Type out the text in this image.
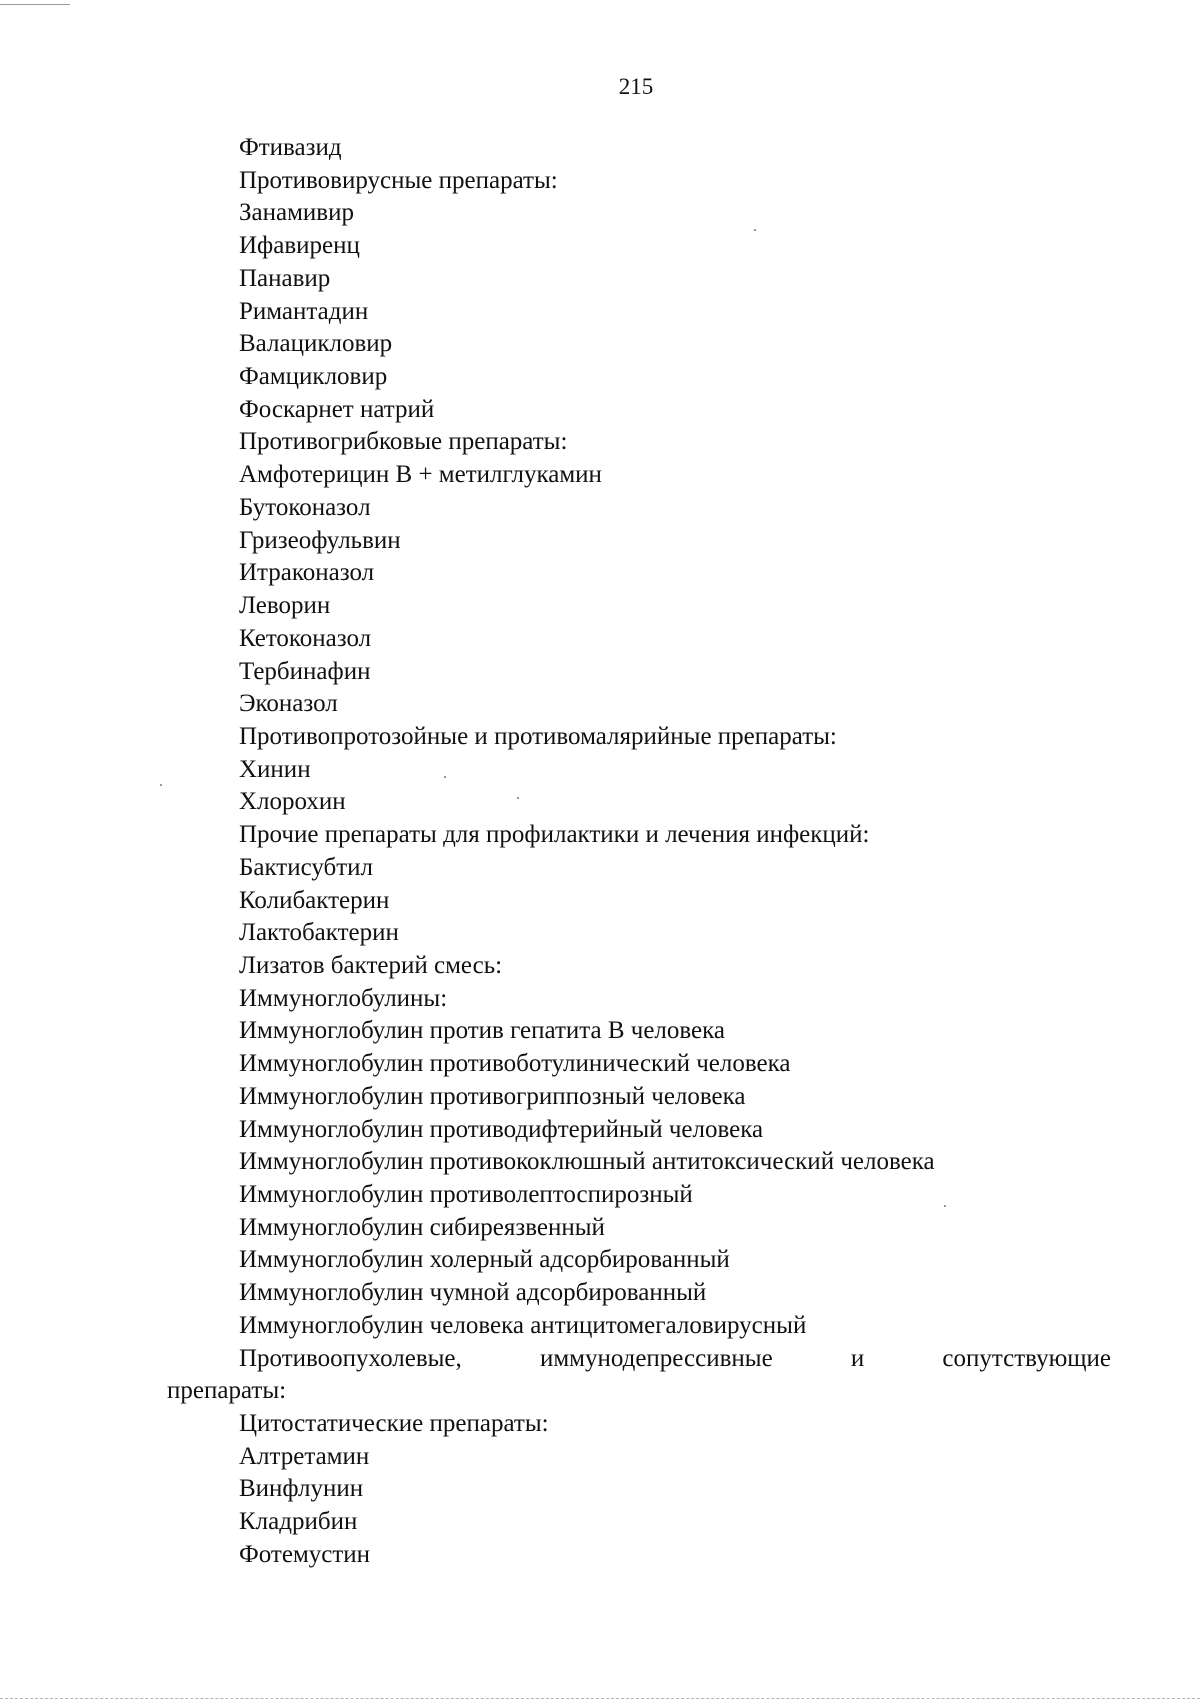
215
Фтивазид
Противовирусные препараты:
Занамивир
Ифавиренц
Панавир
Римантадин
Валацикловир
Фамцикловир
Фоскарнет натрий
Противогрибковые препараты:
Амфотерицин В + метилглукамин
Бутоконазол
Гризеофульвин
Итраконазол
Леворин
Кетоконазол
Тербинафин
Эконазол
Противопротозойные и противомалярийные препараты:
Хинин
Хлорохин
Прочие препараты для профилактики и лечения инфекций:
Бактисубтил
Колибактерин
Лактобактерин
Лизатов бактерий смесь:
Иммуноглобулины:
Иммуноглобулин против гепатита В человека
Иммуноглобулин противоботулинический человека
Иммуноглобулин противогриппозный человека
Иммуноглобулин противодифтерийный человека
Иммуноглобулин противококлюшный антитоксический человека
Иммуноглобулин противолептоспирозный
Иммуноглобулин сибиреязвенный
Иммуноглобулин холерный адсорбированный
Иммуноглобулин чумной адсорбированный
Иммуноглобулин человека антицитомегаловирусный
Противоопухолевые,	иммунодепрессивные	и	сопутствующие
препараты:
Цитостатические препараты:
Алтретамин
Винфлунин
Кладрибин
Фотемустин
